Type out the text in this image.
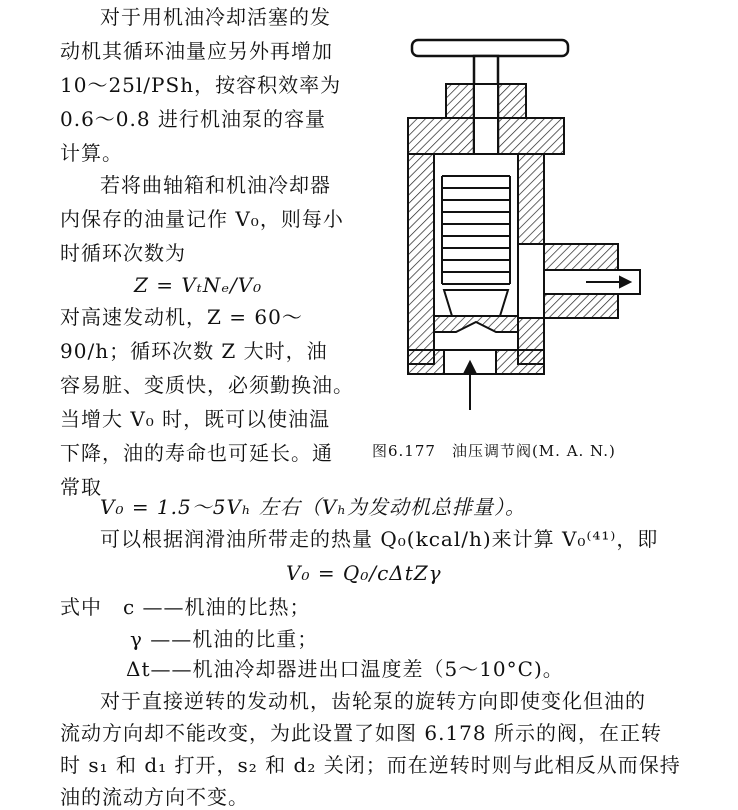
对于用机油冷却活塞的发
动机其循环油量应另外再增加
10～25l/PSh，按容积效率为
0.6～0.8 进行机油泵的容量
计算。
若将曲轴箱和机油冷却器
内保存的油量记作 V₀，则每小
时循环次数为
Z = VₜNₑ/V₀
对高速发动机，Z = 60～
90/h；循环次数 Z 大时，油
容易脏、变质快，必须勤换油。
当增大 V₀ 时，既可以使油温
下降，油的寿命也可延长。通
常取
图6.177　油压调节阀(M. A. N.)
V₀ = 1.5～5Vₕ 左右（Vₕ为发动机总排量）。
可以根据润滑油所带走的热量 Q₀(kcal/h)来计算 V₀⁽⁴¹⁾，即
V₀ = Q₀/cΔtZγ
式中　c ——机油的比热；
γ ——机油的比重；
Δt——机油冷却器进出口温度差（5～10°C)。
对于直接逆转的发动机，齿轮泵的旋转方向即使变化但油的
流动方向却不能改变，为此设置了如图 6.178 所示的阀，在正转
时 s₁ 和 d₁ 打开，s₂ 和 d₂ 关闭；而在逆转时则与此相反从而保持
油的流动方向不变。
